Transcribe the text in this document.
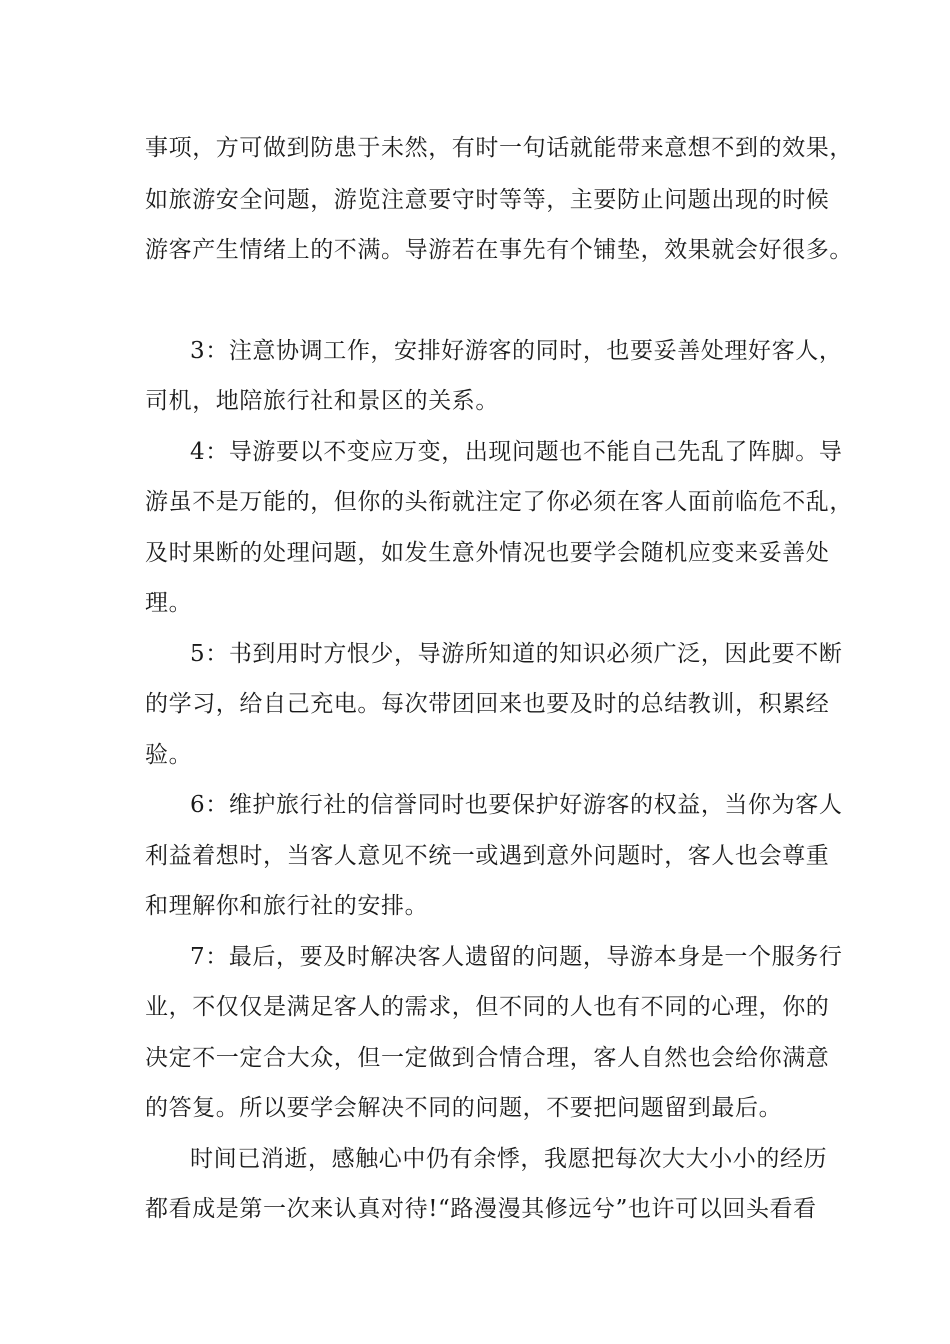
事项，方可做到防患于未然，有时一句话就能带来意想不到的效果，
如旅游安全问题，游览注意要守时等等，主要防止问题出现的时候
游客产生情绪上的不满。导游若在事先有个铺垫，效果就会好很多。
3：注意协调工作，安排好游客的同时，也要妥善处理好客人，
司机，地陪旅行社和景区的关系。
4：导游要以不变应万变，出现问题也不能自己先乱了阵脚。导
游虽不是万能的，但你的头衔就注定了你必须在客人面前临危不乱，
及时果断的处理问题，如发生意外情况也要学会随机应变来妥善处
理。
5：书到用时方恨少，导游所知道的知识必须广泛，因此要不断
的学习，给自己充电。每次带团回来也要及时的总结教训，积累经
验。
6：维护旅行社的信誉同时也要保护好游客的权益，当你为客人
利益着想时，当客人意见不统一或遇到意外问题时，客人也会尊重
和理解你和旅行社的安排。
7：最后，要及时解决客人遗留的问题，导游本身是一个服务行
业，不仅仅是满足客人的需求，但不同的人也有不同的心理，你的
决定不一定合大众，但一定做到合情合理，客人自然也会给你满意
的答复。所以要学会解决不同的问题，不要把问题留到最后。
时间已消逝，感触心中仍有余悸，我愿把每次大大小小的经历
都看成是第一次来认真对待!“路漫漫其修远兮”也许可以回头看看
